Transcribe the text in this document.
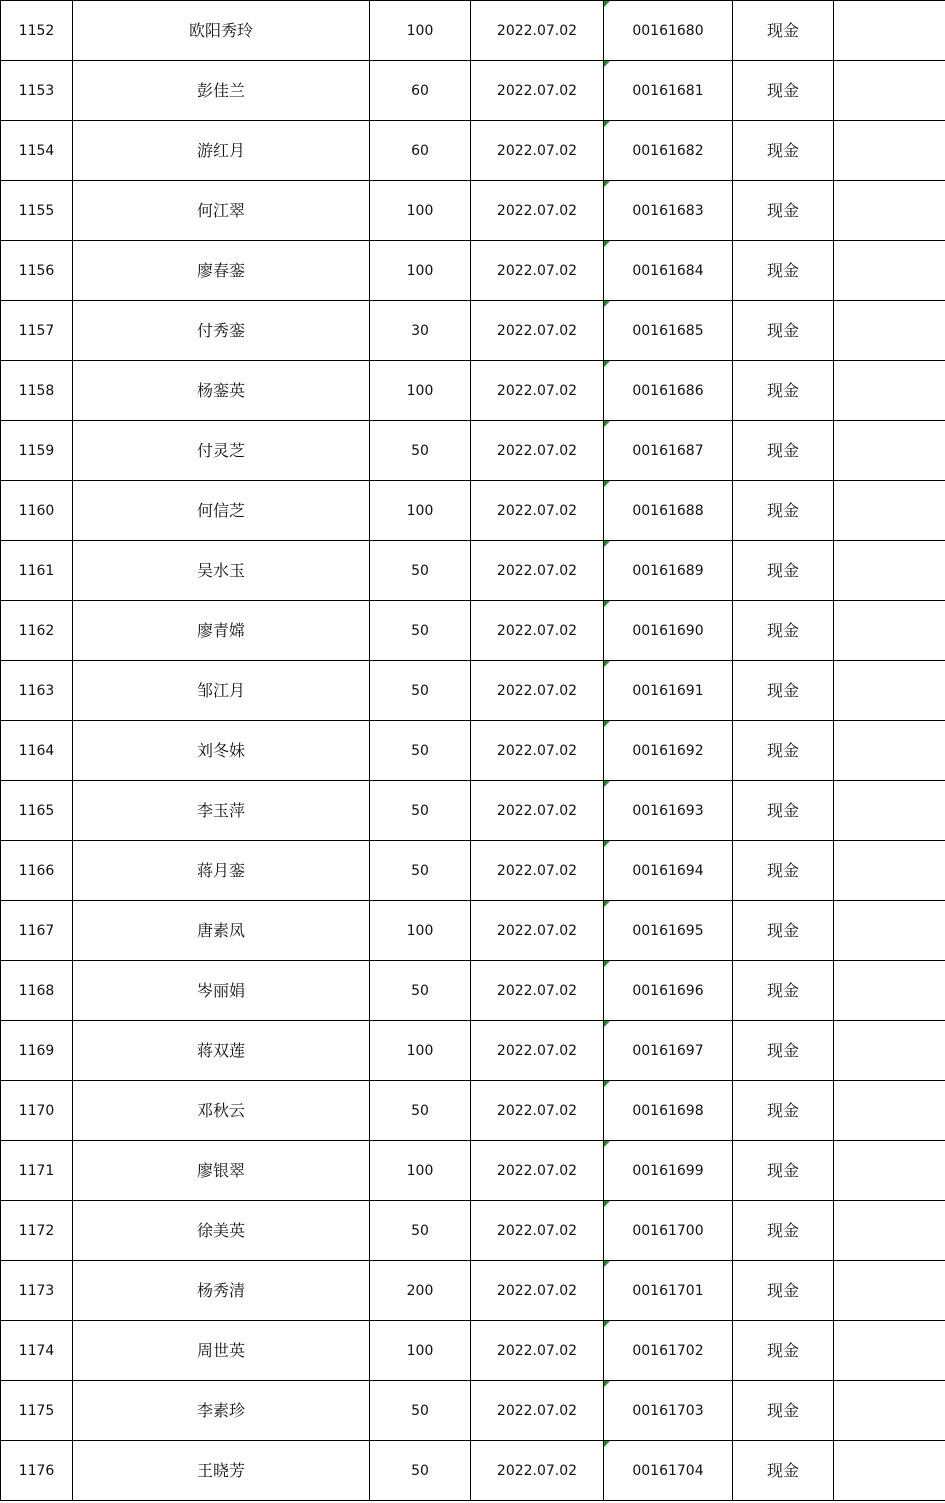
1152	欧阳秀玲	100	2022.07.02	00161680	现金	
1153	彭佳兰	60	2022.07.02	00161681	现金	
1154	游红月	60	2022.07.02	00161682	现金	
1155	何江翠	100	2022.07.02	00161683	现金	
1156	廖春銮	100	2022.07.02	00161684	现金	
1157	付秀銮	30	2022.07.02	00161685	现金	
1158	杨銮英	100	2022.07.02	00161686	现金	
1159	付灵芝	50	2022.07.02	00161687	现金	
1160	何信芝	100	2022.07.02	00161688	现金	
1161	吴水玉	50	2022.07.02	00161689	现金	
1162	廖青嫦	50	2022.07.02	00161690	现金	
1163	邹江月	50	2022.07.02	00161691	现金	
1164	刘冬妹	50	2022.07.02	00161692	现金	
1165	李玉萍	50	2022.07.02	00161693	现金	
1166	蒋月銮	50	2022.07.02	00161694	现金	
1167	唐素凤	100	2022.07.02	00161695	现金	
1168	岑丽娟	50	2022.07.02	00161696	现金	
1169	蒋双莲	100	2022.07.02	00161697	现金	
1170	邓秋云	50	2022.07.02	00161698	现金	
1171	廖银翠	100	2022.07.02	00161699	现金	
1172	徐美英	50	2022.07.02	00161700	现金	
1173	杨秀清	200	2022.07.02	00161701	现金	
1174	周世英	100	2022.07.02	00161702	现金	
1175	李素珍	50	2022.07.02	00161703	现金	
1176	王晓芳	50	2022.07.02	00161704	现金	
